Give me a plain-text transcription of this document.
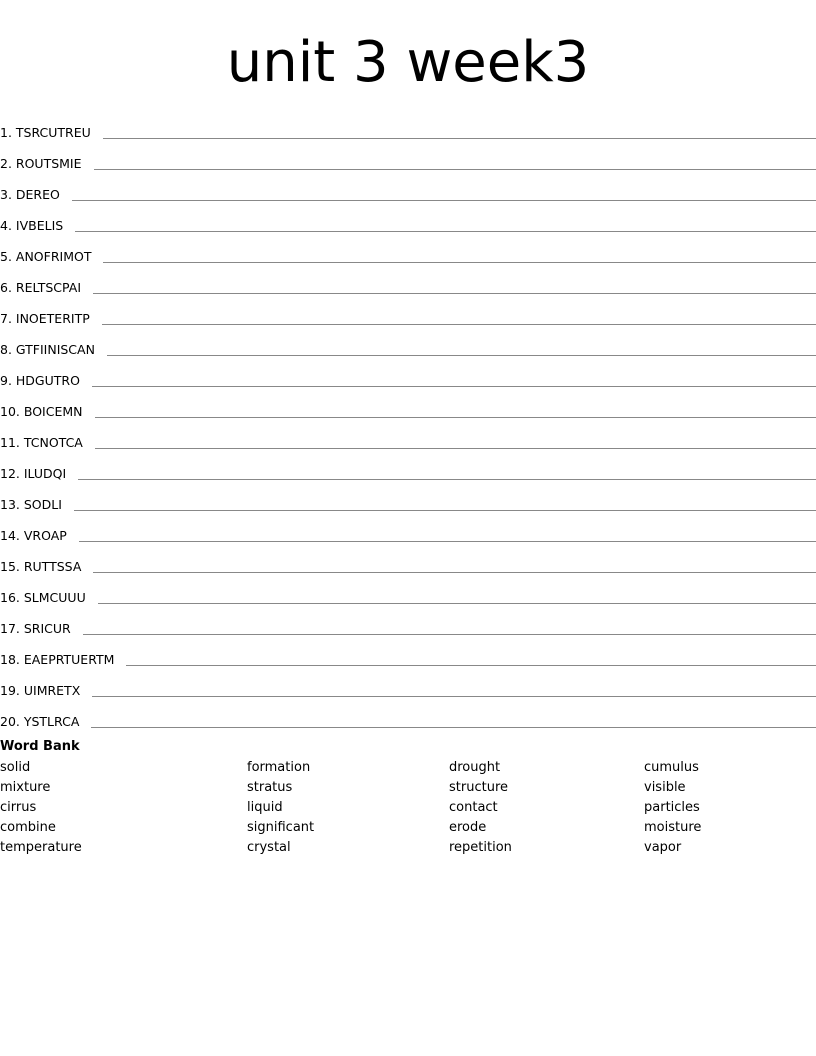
unit 3 week3
1. TSRCUTREU
2. ROUTSMIE
3. DEREO
4. IVBELIS
5. ANOFRIMOT
6. RELTSCPAI
7. INOETERITP
8. GTFIINISCAN
9. HDGUTRO
10. BOICEMN
11. TCNOTCA
12. ILUDQI
13. SODLI
14. VROAP
15. RUTTSSA
16. SLMCUUU
17. SRICUR
18. EAEPRTUERTM
19. UIMRETX
20. YSTLRCA
Word Bank
solid	formation	drought	cumulus
mixture	stratus	structure	visible
cirrus	liquid	contact	particles
combine	significant	erode	moisture
temperature	crystal	repetition	vapor
